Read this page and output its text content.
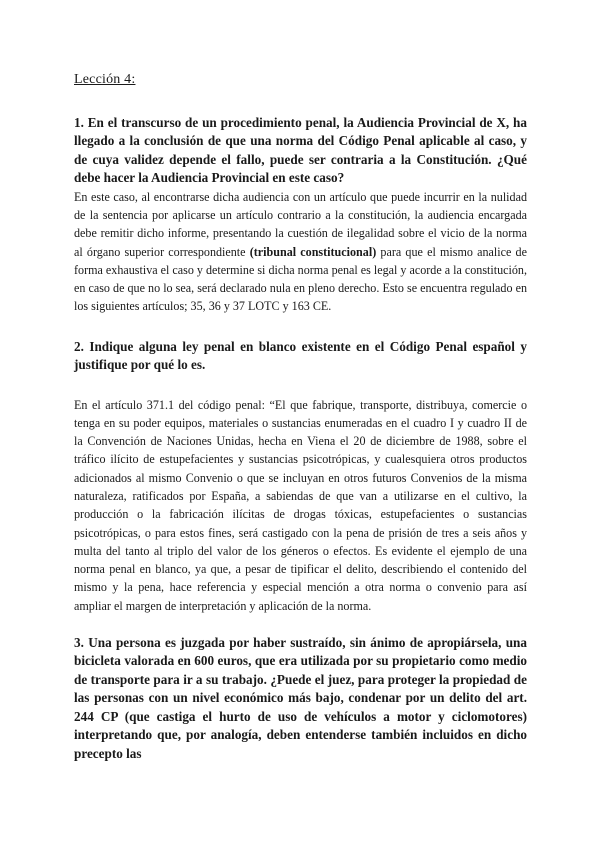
Lección 4:

1. En el transcurso de un procedimiento penal, la Audiencia Provincial de X, ha llegado a la conclusión de que una norma del Código Penal aplicable al caso, y de cuya validez depende el fallo, puede ser contraria a la Constitución. ¿Qué debe hacer la Audiencia Provincial en este caso?

En este caso, al encontrarse dicha audiencia con un artículo que puede incurrir en la nulidad de la sentencia por aplicarse un artículo contrario a la constitución, la audiencia encargada debe remitir dicho informe, presentando la cuestión de ilegalidad sobre el vicio de la norma al órgano superior correspondiente (tribunal constitucional) para que el mismo analice de forma exhaustiva el caso y determine si dicha norma penal es legal y acorde a la constitución, en caso de que no lo sea, será declarado nula en pleno derecho. Esto se encuentra regulado en los siguientes artículos; 35, 36 y 37 LOTC y 163 CE.

2. Indique alguna ley penal en blanco existente en el Código Penal español y justifique por qué lo es.

En el artículo 371.1 del código penal: “El que fabrique, transporte, distribuya, comercie o tenga en su poder equipos, materiales o sustancias enumeradas en el cuadro I y cuadro II de la Convención de Naciones Unidas, hecha en Viena el 20 de diciembre de 1988, sobre el tráfico ilícito de estupefacientes y sustancias psicotrópicas, y cualesquiera otros productos adicionados al mismo Convenio o que se incluyan en otros futuros Convenios de la misma naturaleza, ratificados por España, a sabiendas de que van a utilizarse en el cultivo, la producción o la fabricación ilícitas de drogas tóxicas, estupefacientes o sustancias psicotrópicas, o para estos fines, será castigado con la pena de prisión de tres a seis años y multa del tanto al triplo del valor de los géneros o efectos. Es evidente el ejemplo de una norma penal en blanco, ya que, a pesar de tipificar el delito, describiendo el contenido del mismo y la pena, hace referencia y especial mención a otra norma o convenio para así ampliar el margen de interpretación y aplicación de la norma.

3. Una persona es juzgada por haber sustraído, sin ánimo de apropiársela, una bicicleta valorada en 600 euros, que era utilizada por su propietario como medio de transporte para ir a su trabajo. ¿Puede el juez, para proteger la propiedad de las personas con un nivel económico más bajo, condenar por un delito del art. 244 CP (que castiga el hurto de uso de vehículos a motor y ciclomotores) interpretando que, por analogía, deben entenderse también incluidos en dicho precepto las
